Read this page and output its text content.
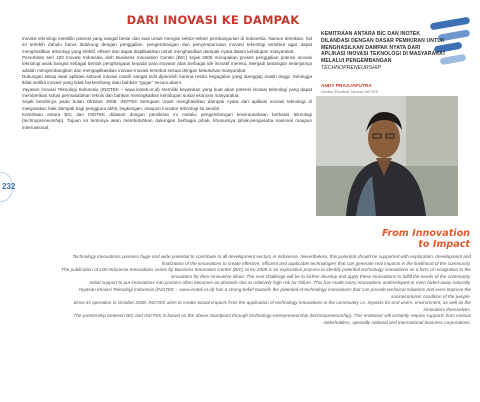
DARI INOVASI KE DAMPAK

Inovasi teknologi memiliki potensi yang sangat besar dan luas untuk mengisi sektor-sektor pembangunan di Indonesia. Namun demikian, hal ini terlebih dahulu harus didukung dengan penggalian, pengembangan dan penyempurnaan inovasi teknologi tersebut agar dapat menghasilkan teknologi yang efektif, efisien dan dapat diaplikasikan untuk menghasilkan dampak nyata dalam kehidupan masyarakat.

Penerbitan seri 100 Inovasi Indonesia oleh Business Innovation Center (BIC) sejak 2008 merupakan proses penggalian potensi inovasi teknologi anak bangsa sebagai bentuk penghargaan kepada para inovator atas berbagai ide inovatif mereka. Menjadi tantangan selanjutnya adalah mengembangkan dan mengaplikasikan inovasi-inovasi tersebut sesuai dengan kebutuhan masyarakat.

Dukungan tahap awal aplikasi sebuah inovasi masih sangat sulit diperoleh karena resiko kegagalan yang dianggap masih tinggi. Sehingga tidak sedikit inovasi yang tidak berkembang atau bahkan "gugur" secara alami.

Yayasan Inovasi Teknologi Indonesia (INOTEK – www.inotek.or.id) memiliki keyakinan yang kuat akan potensi inovasi teknologi yang dapat memberikan solusi permasalahan teknis dan bahkan meningkatkan kehidupan sosial ekonomi masyarakat.

Sejak berdirinya pada bulan Oktober 2008, INOTEK bertujuan untuk menghasilkan dampak nyata dari aplikasi inovasi teknologi di masyarakat, baik dampak bagi pengguna akhir, lingkungan, maupun inovator teknologi itu sendiri.

Kemitraan antara BIC dan INOTEK didasari dengan pemikiran ini melalui pengembangan kewirausahaan berbasis teknologi (technopreneurship). Tujuan ini tentunya akan membutuhkan dukungan berbagai pihak, khususnya pihak-pengusaha nasional maupun internasional.

232
KEMITRAAN ANTARA BIC DAN INOTEK DILANDASI DENGAN DASAR PEMIKIRAN UNTUK MENGHASILKAN DAMPAK NYATA DARI APLIKASI INOVASI TEKNOLOGI DI MASYARAKAT MELALUI PENGEMBANGAN TECHNOPRENEURSHIP
ANDY PRASJAPUTRA
Direktur Eksekutif Yayasan INOTEK
From Innovation
to Impact

Technology innovations possess huge and wide potential to contribute to all development sectors in Indonesia. Nevertheless, this potential should be supported with exploration, development and finalization of the innovations to create effective, efficient and applicable technologies that can generate real impacts in the livelihood of the community.

The publication of 100 Indonesia Innovations series by Business Innovation Center (BIC) since 2008 is an exploration process to identify potential technology innovations as a form of recognition to the innovators for their innovative ideas. The next challenge will be to further develop and apply these innovations to fulfill the needs of the community.

Initial support to put innovations into practice often becomes an obstacle due to relatively high risk for failure. This has made many innovations undeveloped or even faded-away naturally.

Yayasan Inovasi Teknologi Indonesia (INOTEK – www.inotek.or.id) has a strong belief towards the potential of technology innovations that can provide technical solutions and even improve the socioeconomic condition of the people.

Since its operation in October 2008, INOTEK aims to create actual impacts from the application of technology innovations in the community i.e. impacts for end-users, environment, as well as the innovators themselves.

The partnership between BIC and INOTEK is based on the above standpoint through technology-entrepreneurship (technopreneurship). This endeavor will certainly require supports from various stakeholders, specially national and international business corporations.
